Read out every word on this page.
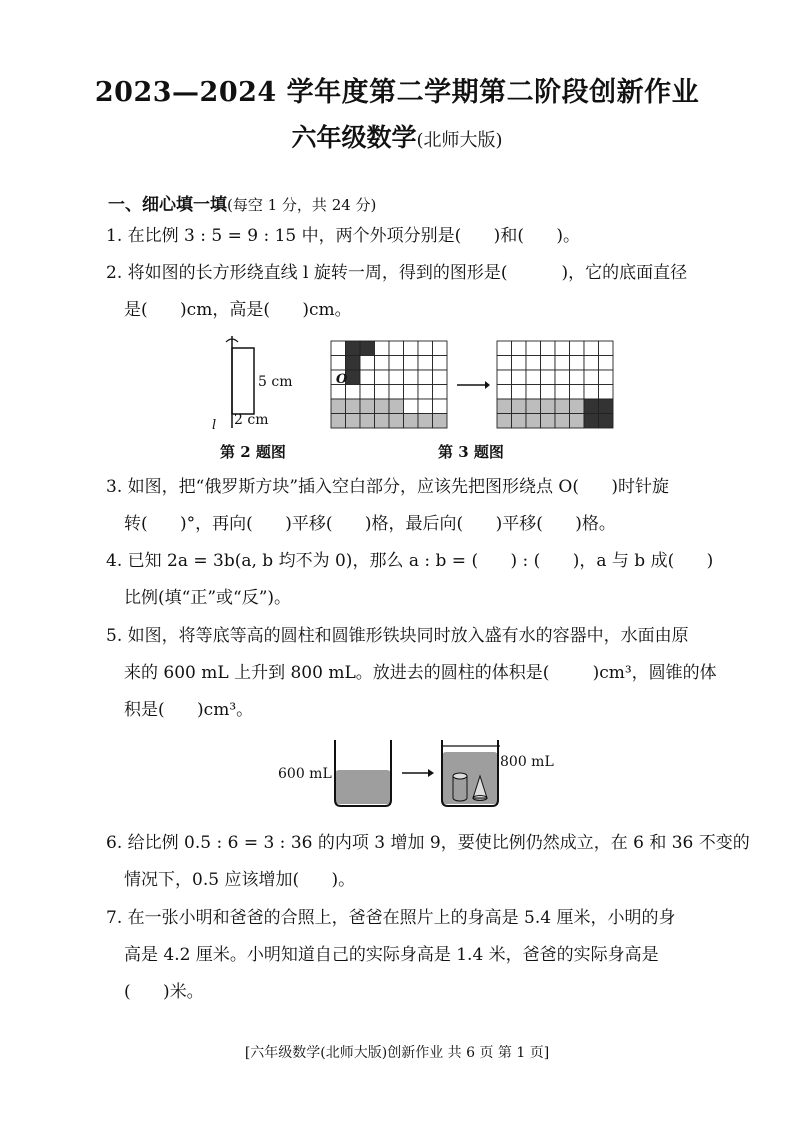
2023—2024 学年度第二学期第二阶段创新作业
六年级数学(北师大版)
一、细心填一填(每空 1 分，共 24 分)
1. 在比例 3 : 5 = 9 : 15 中，两个外项分别是(      )和(      )。
2. 将如图的长方形绕直线 l 旋转一周，得到的图形是(          )，它的底面直径
是(      )cm，高是(      )cm。
l
5 cm
2 cm
第 2 题图
O
第 3 题图
3. 如图，把“俄罗斯方块”插入空白部分，应该先把图形绕点 O(      )时针旋
转(      )°，再向(      )平移(      )格，最后向(      )平移(      )格。
4. 已知 2a = 3b(a, b 均不为 0)，那么 a : b = (      ) : (      )，a 与 b 成(      )
比例(填“正”或“反”)。
5. 如图，将等底等高的圆柱和圆锥形铁块同时放入盛有水的容器中，水面由原
来的 600 mL 上升到 800 mL。放进去的圆柱的体积是(        )cm³，圆锥的体
积是(      )cm³。
600 mL
800 mL
6. 给比例 0.5 : 6 = 3 : 36 的内项 3 增加 9，要使比例仍然成立，在 6 和 36 不变的
情况下，0.5 应该增加(      )。
7. 在一张小明和爸爸的合照上，爸爸在照片上的身高是 5.4 厘米，小明的身
高是 4.2 厘米。小明知道自己的实际身高是 1.4 米，爸爸的实际身高是
(      )米。
[六年级数学(北师大版)创新作业 共 6 页 第 1 页]
